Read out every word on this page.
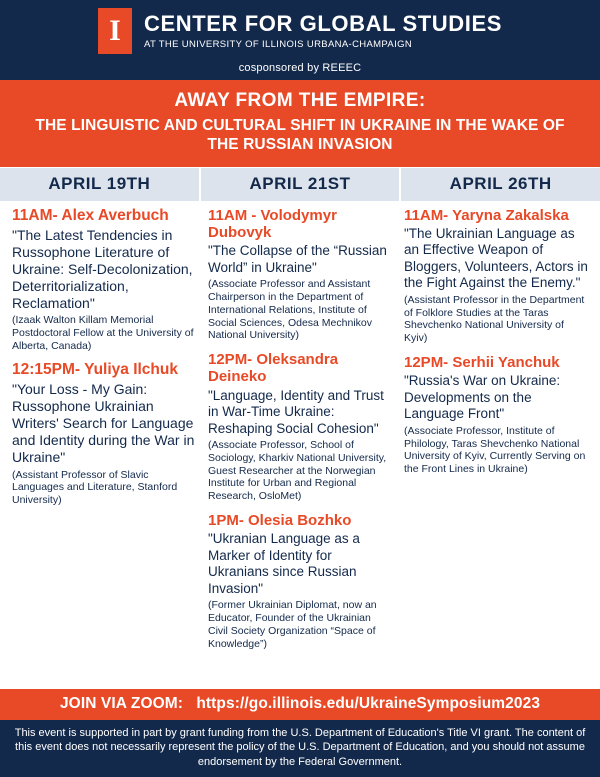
I CENTER FOR GLOBAL STUDIES
AT THE UNIVERSITY OF ILLINOIS URBANA-CHAMPAIGN
cosponsored by REEEC
AWAY FROM THE EMPIRE:
THE LINGUISTIC AND CULTURAL SHIFT IN UKRAINE IN THE WAKE OF THE RUSSIAN INVASION
APRIL 19TH	APRIL 21ST	APRIL 26TH
11AM- Alex Averbuch
"The Latest Tendencies in Russophone Literature of Ukraine: Self-Decolonization, Deterritorialization, Reclamation"
(Izaak Walton Killam Memorial Postdoctoral Fellow at the University of Alberta, Canada)
12:15PM- Yuliya Ilchuk
"Your Loss - My Gain: Russophone Ukrainian Writers' Search for Language and Identity during the War in Ukraine"
(Assistant Professor of Slavic Languages and Literature, Stanford University)
11AM - Volodymyr Dubovyk
"The Collapse of the “Russian World” in Ukraine"
(Associate Professor and Assistant Chairperson in the Department of International Relations, Institute of Social Sciences, Odesa Mechnikov National University)
12PM- Oleksandra Deineko
"Language, Identity and Trust in War-Time Ukraine: Reshaping Social Cohesion"
(Associate Professor, School of Sociology, Kharkiv National University, Guest Researcher at the Norwegian Institute for Urban and Regional Research, OsloMet)
1PM- Olesia Bozhko
"Ukranian Language as a Marker of Identity for Ukranians since Russian Invasion"
(Former Ukrainian Diplomat, now an Educator, Founder of the Ukrainian Civil Society Organization “Space of Knowledge”)
11AM- Yaryna Zakalska
"The Ukrainian Language as an Effective Weapon of Bloggers, Volunteers, Actors in the Fight Against the Enemy."
(Assistant Professor in the Department of Folklore Studies at the Taras Shevchenko National University of Kyiv)
12PM- Serhii Yanchuk
"Russia's War on Ukraine: Developments on the Language Front"
(Associate Professor, Institute of Philology, Taras Shevchenko National University of Kyiv, Currently Serving on the Front Lines in Ukraine)
JOIN VIA ZOOM: https://go.illinois.edu/UkraineSymposium2023
This event is supported in part by grant funding from the U.S. Department of Education's Title VI grant. The content of this event does not necessarily represent the policy of the U.S. Department of Education, and you should not assume endorsement by the Federal Government.
